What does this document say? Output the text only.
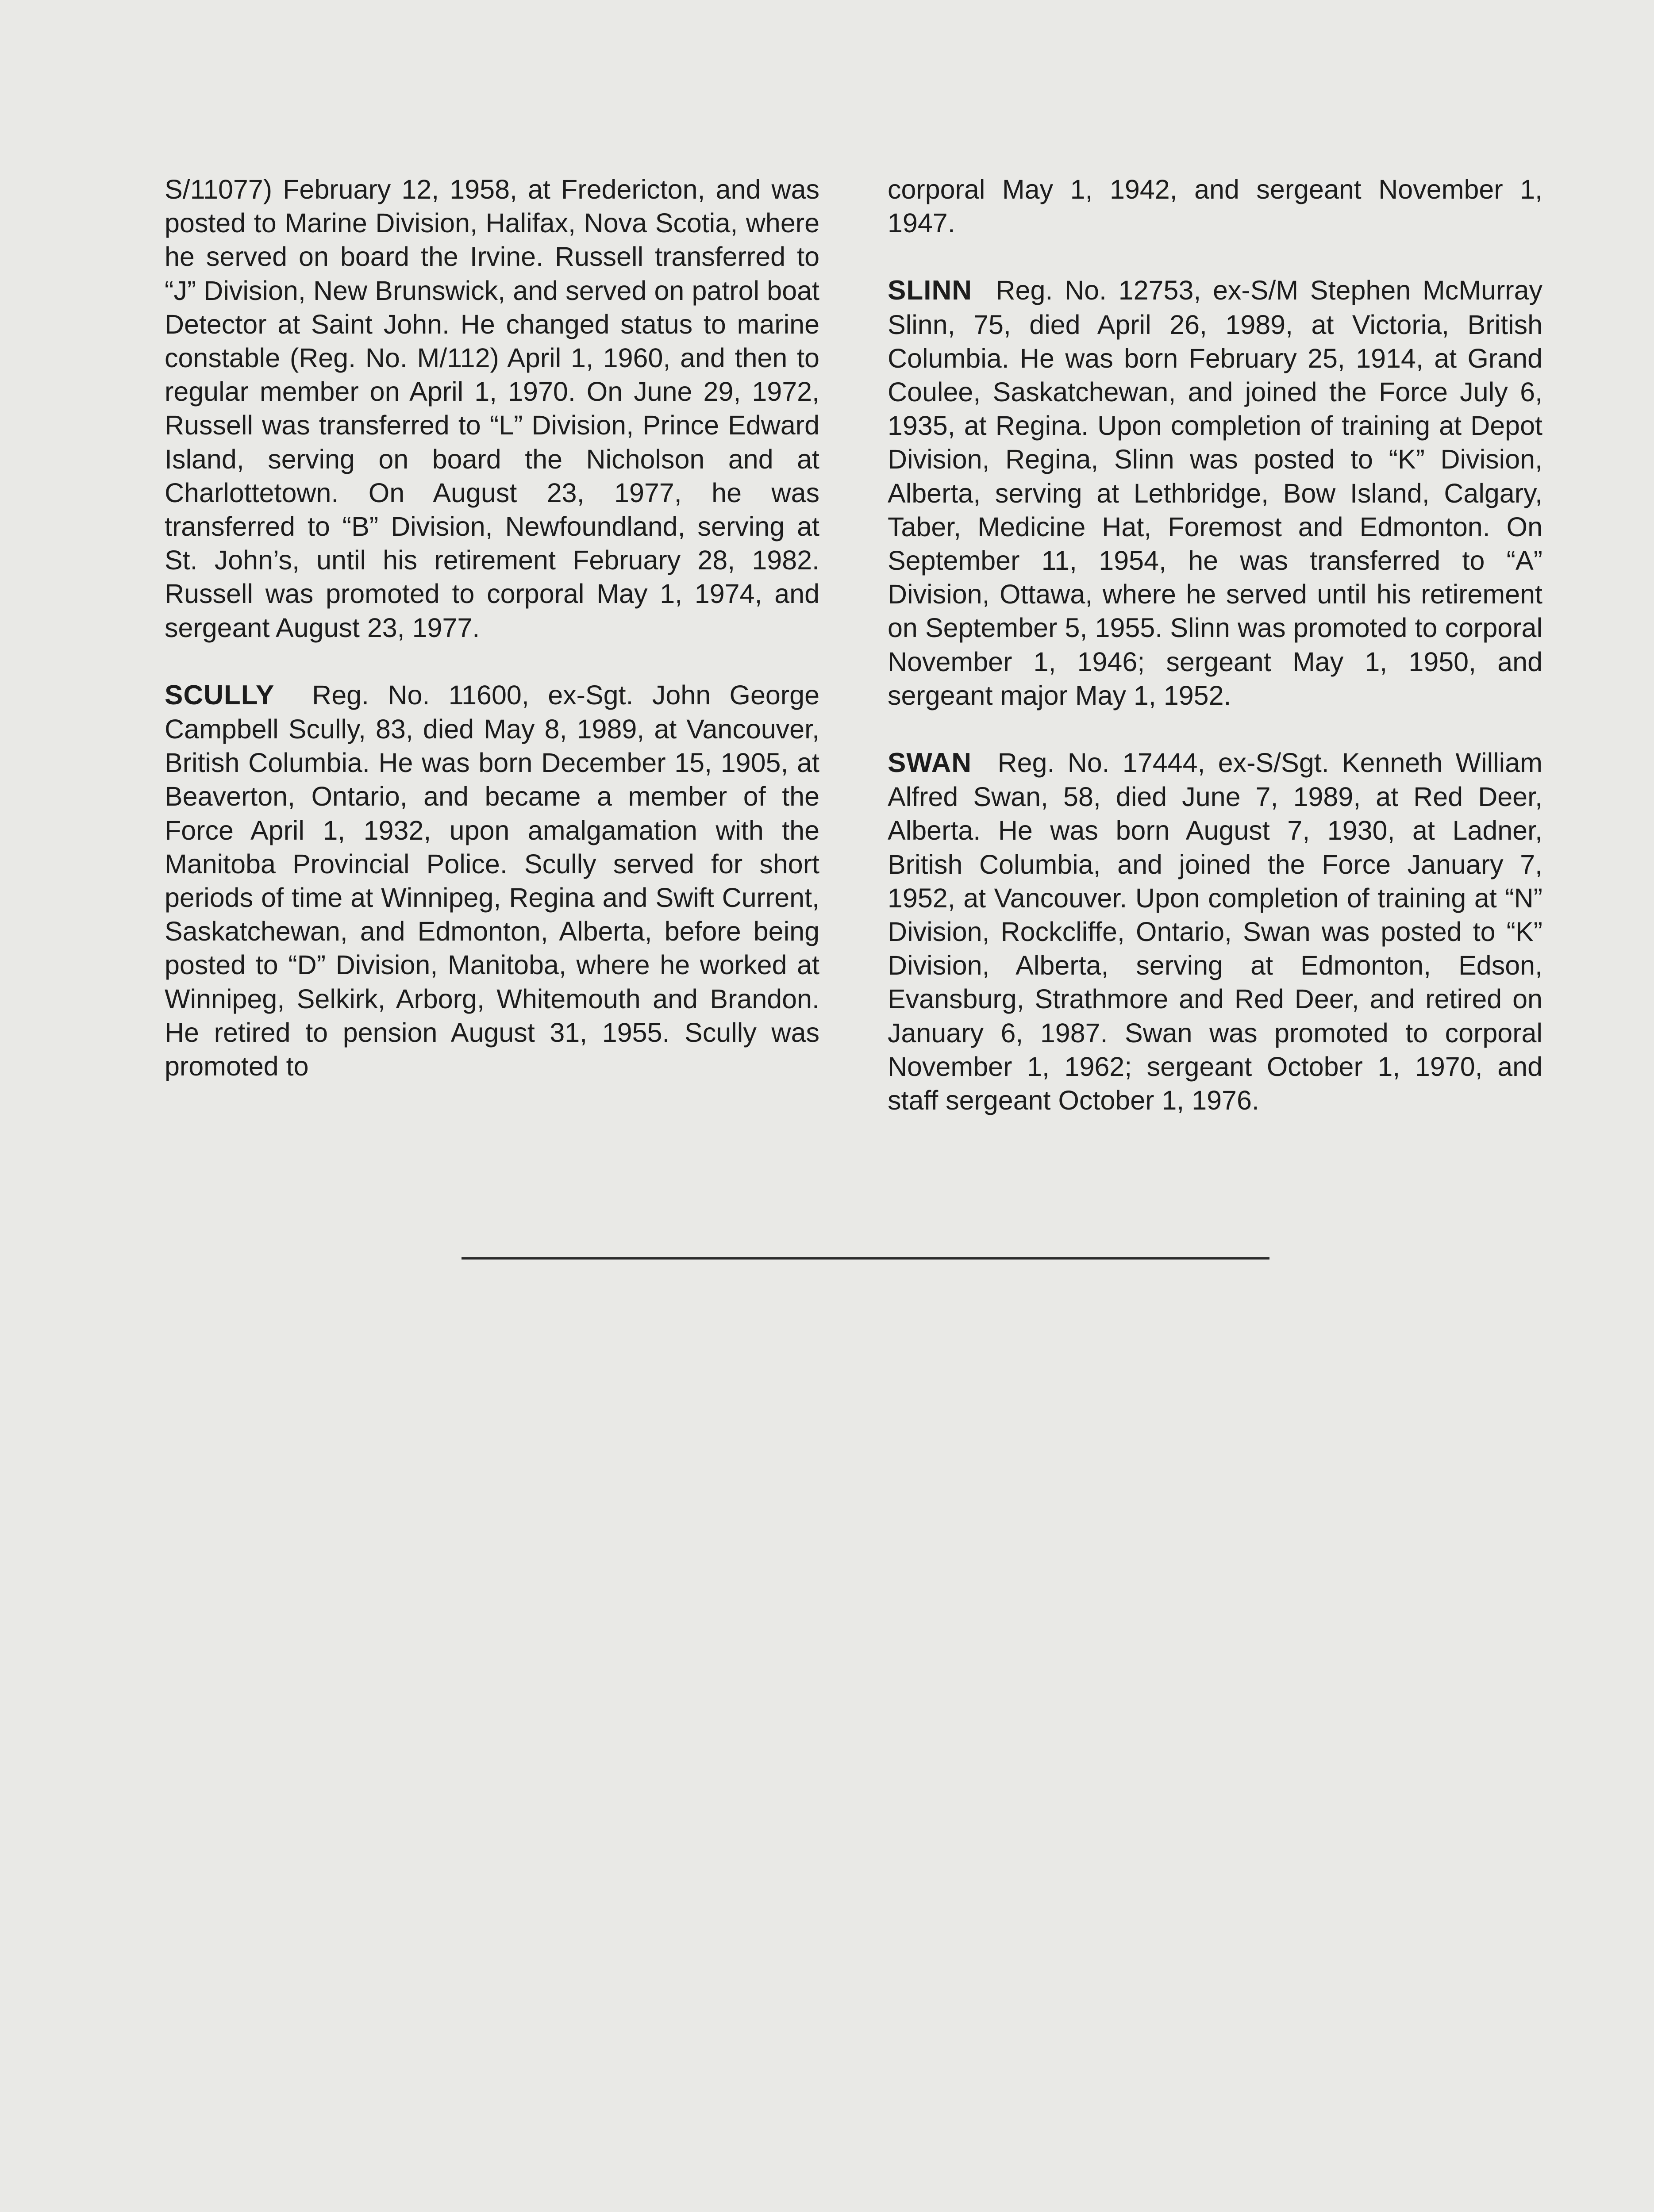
S/11077) February 12, 1958, at Fredericton, and was posted to Marine Division, Halifax, Nova Scotia, where he served on board the Irvine. Russell transferred to “J” Division, New Brunswick, and served on patrol boat Detector at Saint John. He changed status to marine constable (Reg. No. M/112) April 1, 1960, and then to regular member on April 1, 1970. On June 29, 1972, Russell was transferred to “L” Division, Prince Edward Island, serving on board the Nicholson and at Charlottetown. On August 23, 1977, he was transferred to “B” Division, Newfoundland, serving at St. John’s, until his retirement February 28, 1982. Russell was promoted to corporal May 1, 1974, and sergeant August 23, 1977.

SCULLY Reg. No. 11600, ex-Sgt. John George Campbell Scully, 83, died May 8, 1989, at Vancouver, British Columbia. He was born December 15, 1905, at Beaverton, Ontario, and became a member of the Force April 1, 1932, upon amalgamation with the Manitoba Provincial Police. Scully served for short periods of time at Winnipeg, Regina and Swift Current, Saskatchewan, and Edmonton, Alberta, before being posted to “D” Division, Manitoba, where he worked at Winnipeg, Selkirk, Arborg, Whitemouth and Brandon. He retired to pension August 31, 1955. Scully was promoted to

corporal May 1, 1942, and sergeant November 1, 1947.

SLINN Reg. No. 12753, ex-S/M Stephen McMurray Slinn, 75, died April 26, 1989, at Victoria, British Columbia. He was born February 25, 1914, at Grand Coulee, Saskatchewan, and joined the Force July 6, 1935, at Regina. Upon completion of training at Depot Division, Regina, Slinn was posted to “K” Division, Alberta, serving at Lethbridge, Bow Island, Calgary, Taber, Medicine Hat, Foremost and Edmonton. On September 11, 1954, he was transferred to “A” Division, Ottawa, where he served until his retirement on September 5, 1955. Slinn was promoted to corporal November 1, 1946; sergeant May 1, 1950, and sergeant major May 1, 1952.

SWAN Reg. No. 17444, ex-S/Sgt. Kenneth William Alfred Swan, 58, died June 7, 1989, at Red Deer, Alberta. He was born August 7, 1930, at Ladner, British Columbia, and joined the Force January 7, 1952, at Vancouver. Upon completion of training at “N” Division, Rockcliffe, Ontario, Swan was posted to “K” Division, Alberta, serving at Edmonton, Edson, Evansburg, Strathmore and Red Deer, and retired on January 6, 1987. Swan was promoted to corporal November 1, 1962; sergeant October 1, 1970, and staff sergeant October 1, 1976.
